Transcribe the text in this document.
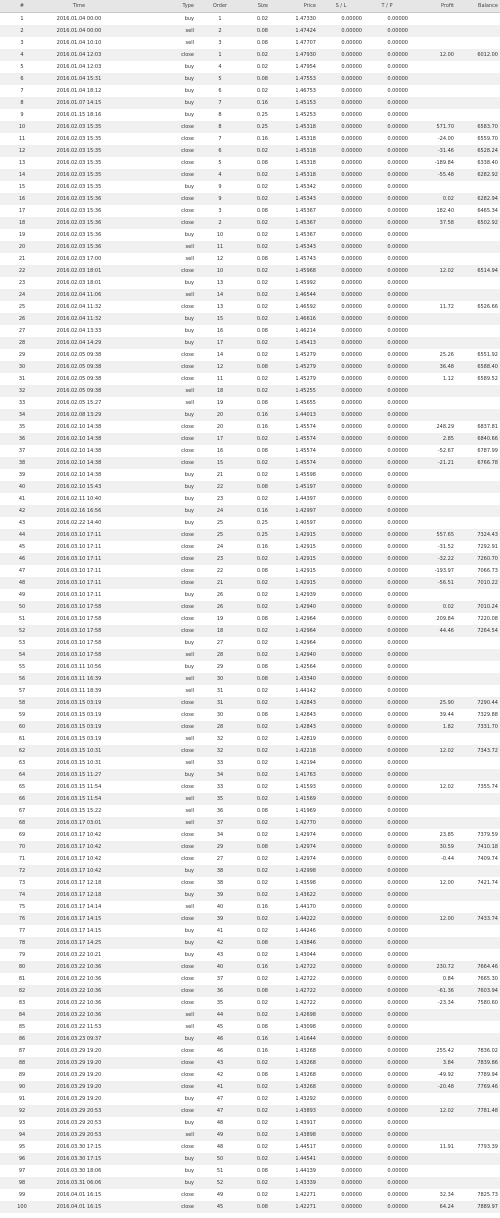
#	Time	Type	Order	Size	Price	S / L	T / P	Profit	Balance
1	2016.01.04 00:00	buy	1	0.02	1.47330	0.00000	0.00000		
2	2016.01.04 00:00	sell	2	0.08	1.47424	0.00000	0.00000		
3	2016.01.04 10:10	sell	3	0.08	1.47707	0.00000	0.00000		
4	2016.01.04 12:03	close	1	0.02	1.47930	0.00000	0.00000	12.00	6012.00
5	2016.01.04 12:03	buy	4	0.02	1.47954	0.00000	0.00000		
6	2016.01.04 15:31	buy	5	0.08	1.47553	0.00000	0.00000		
7	2016.01.04 18:12	buy	6	0.02	1.46753	0.00000	0.00000		
8	2016.01.07 14:15	buy	7	0.16	1.45153	0.00000	0.00000		
9	2016.01.15 18:16	buy	8	0.25	1.45253	0.00000	0.00000		
10	2016.02.03 15:35	close	8	0.25	1.45318	0.00000	0.00000	571.70	6583.70
11	2016.02.03 15:35	close	7	0.16	1.45318	0.00000	0.00000	-24.00	6559.70
12	2016.02.03 15:35	close	6	0.02	1.45318	0.00000	0.00000	-31.46	6528.24
13	2016.02.03 15:35	close	5	0.08	1.45318	0.00000	0.00000	-189.84	6338.40
14	2016.02.03 15:35	close	4	0.02	1.45318	0.00000	0.00000	-55.48	6282.92
15	2016.02.03 15:35	buy	9	0.02	1.45342	0.00000	0.00000		
16	2016.02.03 15:36	close	9	0.02	1.45343	0.00000	0.00000	0.02	6282.94
17	2016.02.03 15:36	close	3	0.08	1.45367	0.00000	0.00000	182.40	6465.34
18	2016.02.03 15:36	close	2	0.02	1.45367	0.00000	0.00000	37.58	6502.92
19	2016.02.03 15:36	buy	10	0.02	1.45367	0.00000	0.00000		
20	2016.02.03 15:36	sell	11	0.02	1.45343	0.00000	0.00000		
21	2016.02.03 17:00	sell	12	0.08	1.45743	0.00000	0.00000		
22	2016.02.03 18:01	close	10	0.02	1.45968	0.00000	0.00000	12.02	6514.94
23	2016.02.03 18:01	buy	13	0.02	1.45992	0.00000	0.00000		
24	2016.02.04 11:06	sell	14	0.02	1.46544	0.00000	0.00000		
25	2016.02.04 11:32	close	13	0.02	1.46592	0.00000	0.00000	11.72	6526.66
26	2016.02.04 11:32	buy	15	0.02	1.46616	0.00000	0.00000		
27	2016.02.04 13:33	buy	16	0.08	1.46214	0.00000	0.00000		
28	2016.02.04 14:29	buy	17	0.02	1.45413	0.00000	0.00000		
29	2016.02.05 09:38	close	14	0.02	1.45279	0.00000	0.00000	25.26	6551.92
30	2016.02.05 09:38	close	12	0.08	1.45279	0.00000	0.00000	36.48	6588.40
31	2016.02.05 09:38	close	11	0.02	1.45279	0.00000	0.00000	1.12	6589.52
32	2016.02.05 09:38	sell	18	0.02	1.45255	0.00000	0.00000		
33	2016.02.05 15:27	sell	19	0.08	1.45655	0.00000	0.00000		
34	2016.02.08 13:29	buy	20	0.16	1.44013	0.00000	0.00000		
35	2016.02.10 14:38	close	20	0.16	1.45574	0.00000	0.00000	248.29	6837.81
36	2016.02.10 14:38	close	17	0.02	1.45574	0.00000	0.00000	2.85	6840.66
37	2016.02.10 14:38	close	16	0.08	1.45574	0.00000	0.00000	-52.67	6787.99
38	2016.02.10 14:38	close	15	0.02	1.45574	0.00000	0.00000	-21.21	6766.78
39	2016.02.10 14:38	buy	21	0.02	1.45598	0.00000	0.00000		
40	2016.02.10 15:43	buy	22	0.08	1.45197	0.00000	0.00000		
41	2016.02.11 10:40	buy	23	0.02	1.44397	0.00000	0.00000		
42	2016.02.16 16:56	buy	24	0.16	1.42997	0.00000	0.00000		
43	2016.02.22 14:40	buy	25	0.25	1.40597	0.00000	0.00000		
44	2016.03.10 17:11	close	25	0.25	1.42915	0.00000	0.00000	557.65	7324.43
45	2016.03.10 17:11	close	24	0.16	1.42915	0.00000	0.00000	-31.52	7292.91
46	2016.03.10 17:11	close	23	0.02	1.42915	0.00000	0.00000	-32.22	7260.70
47	2016.03.10 17:11	close	22	0.08	1.42915	0.00000	0.00000	-193.97	7066.73
48	2016.03.10 17:11	close	21	0.02	1.42915	0.00000	0.00000	-56.51	7010.22
49	2016.03.10 17:11	buy	26	0.02	1.42939	0.00000	0.00000		
50	2016.03.10 17:58	close	26	0.02	1.42940	0.00000	0.00000	0.02	7010.24
51	2016.03.10 17:58	close	19	0.08	1.42964	0.00000	0.00000	209.84	7220.08
52	2016.03.10 17:58	close	18	0.02	1.42964	0.00000	0.00000	44.46	7264.54
53	2016.03.10 17:58	buy	27	0.02	1.42964	0.00000	0.00000		
54	2016.03.10 17:58	sell	28	0.02	1.42940	0.00000	0.00000		
55	2016.03.11 10:56	buy	29	0.08	1.42564	0.00000	0.00000		
56	2016.03.11 16:39	sell	30	0.08	1.43340	0.00000	0.00000		
57	2016.03.11 18:39	sell	31	0.02	1.44142	0.00000	0.00000		
58	2016.03.15 03:19	close	31	0.02	1.42843	0.00000	0.00000	25.90	7290.44
59	2016.03.15 03:19	close	30	0.08	1.42843	0.00000	0.00000	39.44	7329.88
60	2016.03.15 03:19	close	28	0.02	1.42843	0.00000	0.00000	1.82	7331.70
61	2016.03.15 03:19	sell	32	0.02	1.42819	0.00000	0.00000		
62	2016.03.15 10:31	close	32	0.02	1.42218	0.00000	0.00000	12.02	7343.72
63	2016.03.15 10:31	sell	33	0.02	1.42194	0.00000	0.00000		
64	2016.03.15 11:27	buy	34	0.02	1.41763	0.00000	0.00000		
65	2016.03.15 11:54	close	33	0.02	1.41593	0.00000	0.00000	12.02	7355.74
66	2016.03.15 11:54	sell	35	0.02	1.41569	0.00000	0.00000		
67	2016.03.15 15:22	sell	36	0.08	1.41969	0.00000	0.00000		
68	2016.03.17 03:01	sell	37	0.02	1.42770	0.00000	0.00000		
69	2016.03.17 10:42	close	34	0.02	1.42974	0.00000	0.00000	23.85	7379.59
70	2016.03.17 10:42	close	29	0.08	1.42974	0.00000	0.00000	30.59	7410.18
71	2016.03.17 10:42	close	27	0.02	1.42974	0.00000	0.00000	-0.44	7409.74
72	2016.03.17 10:42	buy	38	0.02	1.42998	0.00000	0.00000		
73	2016.03.17 12:18	close	38	0.02	1.43598	0.00000	0.00000	12.00	7421.74
74	2016.03.17 12:18	buy	39	0.02	1.43622	0.00000	0.00000		
75	2016.03.17 14:14	sell	40	0.16	1.44170	0.00000	0.00000		
76	2016.03.17 14:15	close	39	0.02	1.44222	0.00000	0.00000	12.00	7433.74
77	2016.03.17 14:15	buy	41	0.02	1.44246	0.00000	0.00000		
78	2016.03.17 14:25	buy	42	0.08	1.43846	0.00000	0.00000		
79	2016.03.22 10:21	buy	43	0.02	1.43044	0.00000	0.00000		
80	2016.03.22 10:36	close	40	0.16	1.42722	0.00000	0.00000	230.72	7664.46
81	2016.03.22 10:36	close	37	0.02	1.42722	0.00000	0.00000	0.84	7665.30
82	2016.03.22 10:36	close	36	0.08	1.42722	0.00000	0.00000	-61.36	7603.94
83	2016.03.22 10:36	close	35	0.02	1.42722	0.00000	0.00000	-23.34	7580.60
84	2016.03.22 10:36	sell	44	0.02	1.42698	0.00000	0.00000		
85	2016.03.22 11:53	sell	45	0.08	1.43098	0.00000	0.00000		
86	2016.03.23 09:37	buy	46	0.16	1.41644	0.00000	0.00000		
87	2016.03.29 19:20	close	46	0.16	1.43268	0.00000	0.00000	255.42	7836.02
88	2016.03.29 19:20	close	43	0.02	1.43268	0.00000	0.00000	3.84	7839.86
89	2016.03.29 19:20	close	42	0.08	1.43268	0.00000	0.00000	-49.92	7789.94
90	2016.03.29 19:20	close	41	0.02	1.43268	0.00000	0.00000	-20.48	7769.46
91	2016.03.29 19:20	buy	47	0.02	1.43292	0.00000	0.00000		
92	2016.03.29 20:53	close	47	0.02	1.43893	0.00000	0.00000	12.02	7781.48
93	2016.03.29 20:53	buy	48	0.02	1.43917	0.00000	0.00000		
94	2016.03.29 20:53	sell	49	0.02	1.43898	0.00000	0.00000		
95	2016.03.30 17:15	close	48	0.02	1.44517	0.00000	0.00000	11.91	7793.39
96	2016.03.30 17:15	buy	50	0.02	1.44541	0.00000	0.00000		
97	2016.03.30 18:06	buy	51	0.08	1.44139	0.00000	0.00000		
98	2016.03.31 06:06	buy	52	0.02	1.43339	0.00000	0.00000		
99	2016.04.01 16:15	close	49	0.02	1.42271	0.00000	0.00000	32.34	7825.73
100	2016.04.01 16:15	close	45	0.08	1.42271	0.00000	0.00000	64.24	7889.97
